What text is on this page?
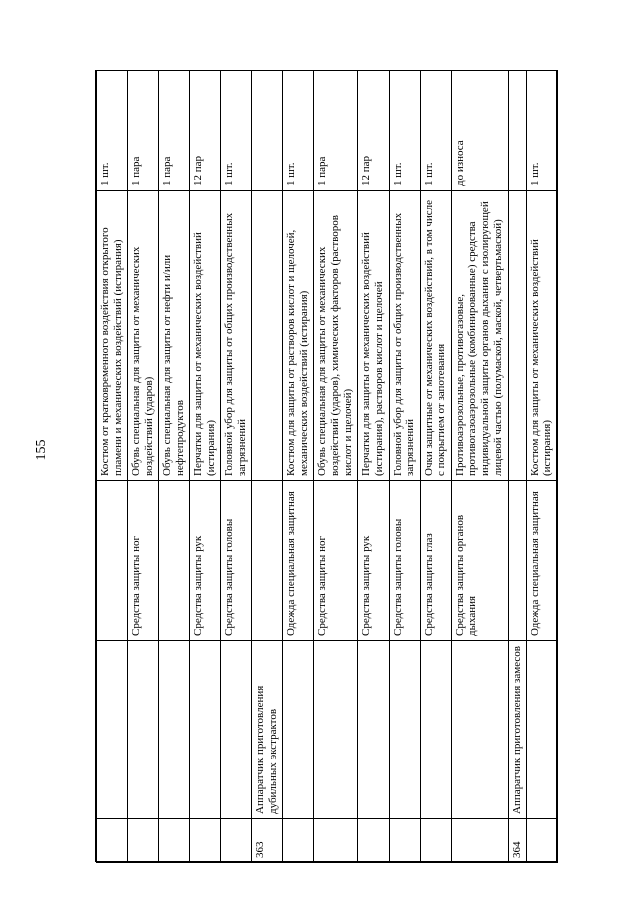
155
				Костюм от кратковременного воздействия открытого пламени и механических воздействий (истирания)	1 шт.
		Средства защиты ног	Обувь специальная для защиты от механических воздействий (ударов)	1 пара
			Обувь специальная для защиты от нефти и/или нефтепродуктов	1 пара
		Средства защиты рук	Перчатки для защиты от механических воздействий (истирания)	12 пар
		Средства защиты головы	Головной убор для защиты от общих производственных загрязнений	1 шт.
363	Аппаратчик приготовления дубильных экстрактов			
		Одежда специальная защитная	Костюм для защиты от растворов кислот и щелочей, механических воздействий (истирания)	1 шт.
		Средства защиты ног	Обувь специальная для защиты от механических воздействий (ударов), химических факторов (растворов кислот и щелочей)	1 пара
		Средства защиты рук	Перчатки для защиты от механических воздействий (истирания), растворов кислот и щелочей	12 пар
		Средства защиты головы	Головной убор для защиты от общих производственных загрязнений	1 шт.
		Средства защиты глаз	Очки защитные от механических воздействий, в том числе с покрытием от запотевания	1 шт.
		Средства защиты органов дыхания	Противоаэрозольные, противогазовые, противогазоаэрозольные (комбинированные) средства индивидуальной защиты органов дыхания с изолирующей лицевой частью (полумаской, маской, четвертьмаской)	до износа
364	Аппаратчик приготовления замесов			
		Одежда специальная защитная	Костюм для защиты от механических воздействий (истирания)	1 шт.
